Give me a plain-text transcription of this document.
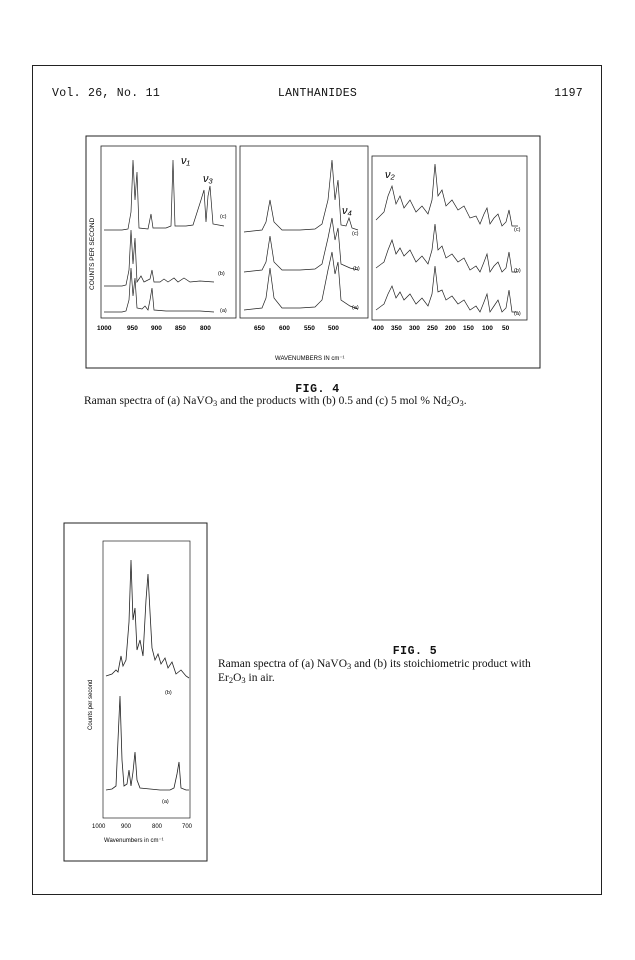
Vol. 26, No. 11	LANTHANIDES	1197
COUNTS PER SECOND
(c)
(b)
(a)
ν₁
ν₃
(c)
(b)
(a)
ν₄
(c)
(b)
(a)
ν₂
1000 950 900 850 800	650 600 550 500	400 350 300 250 200 150 100 50
WAVENUMBERS IN cm⁻¹
FIG. 4
Raman spectra of (a) NaVO3 and the products with (b) 0.5 and (c) 5 mol % Nd2O3.
Counts per second	(b)
(a)
1000	900	800	700
Wavenumbers in cm⁻¹
FIG. 5
Raman spectra of (a) NaVO3 and (b) its stoichiometric product with
Er2O3 in air.
